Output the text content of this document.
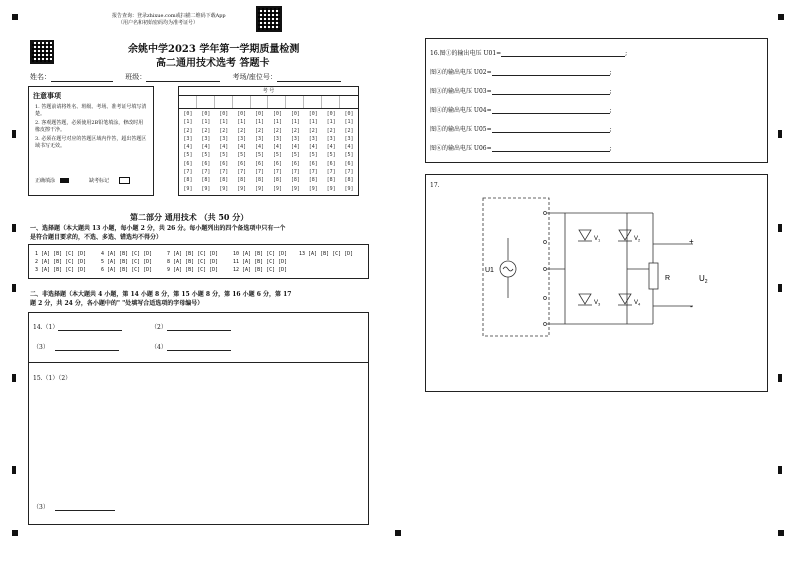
报告查询：登录zhixue.com或扫描二维码下载App
（用户名和初始密码均为准考证号）
余姚中学2023 学年第一学期质量检测
高二通用技术选考 答题卡
姓名：	班级：	考场/座位号：
注意事项
1. 答题前请将姓名、班级、考场、准考证号填写清楚。
2. 客观题答题，必须使用2B铅笔填涂，修改时用橡皮擦干净。
3. 必须在题号对应的答题区域内作答，超出答题区域书写无效。
正确填涂	缺考标记
考 号
[0]	[0]	[0]	[0]	[0]	[0]	[0]	[0]	[0]	[0]
[1]	[1]	[1]	[1]	[1]	[1]	[1]	[1]	[1]	[1]
[2]	[2]	[2]	[2]	[2]	[2]	[2]	[2]	[2]	[2]
[3]	[3]	[3]	[3]	[3]	[3]	[3]	[3]	[3]	[3]
[4]	[4]	[4]	[4]	[4]	[4]	[4]	[4]	[4]	[4]
[5]	[5]	[5]	[5]	[5]	[5]	[5]	[5]	[5]	[5]
[6]	[6]	[6]	[6]	[6]	[6]	[6]	[6]	[6]	[6]
[7]	[7]	[7]	[7]	[7]	[7]	[7]	[7]	[7]	[7]
[8]	[8]	[8]	[8]	[8]	[8]	[8]	[8]	[8]	[8]
[9]	[9]	[9]	[9]	[9]	[9]	[9]	[9]	[9]	[9]
第二部分 通用技术 （共 50 分）
一、选择题（本大题共 13 小题，每小题 2 分，共 26 分。每小题列出的四个备选项中只有一个
是符合题目要求的，不选、多选、错选均不得分）
1 [A] [B] [C] [D]
2 [A] [B] [C] [D]
3 [A] [B] [C] [D]
4 [A] [B] [C] [D]
5 [A] [B] [C] [D]
6 [A] [B] [C] [D]
7 [A] [B] [C] [D]
8 [A] [B] [C] [D]
9 [A] [B] [C] [D]
10 [A] [B] [C] [D]
11 [A] [B] [C] [D]
12 [A] [B] [C] [D]
13 [A] [B] [C] [D]
二、非选择题（本大题共 4 小题，第 14 小题 8 分，第 15 小题 8 分，第 16 小题 6 分，第 17
题 2 分，共 24 分，各小题中的" "处填写合适选项的字母编号）
14.（1）	（2）
（3）	（4）
15.（1）（2）
（3）
16.图①的输出电压 U01=	;
图②的输出电压 U02=	;
图③的输出电压 U03=	;
图④的输出电压 U04=	;
图⑤的输出电压 U05=	;
图⑥的输出电压 U06=	;
17.
U1
$V_1$	$V_2$
$V_3$	$V_4$
R
+
-
$U_2$
